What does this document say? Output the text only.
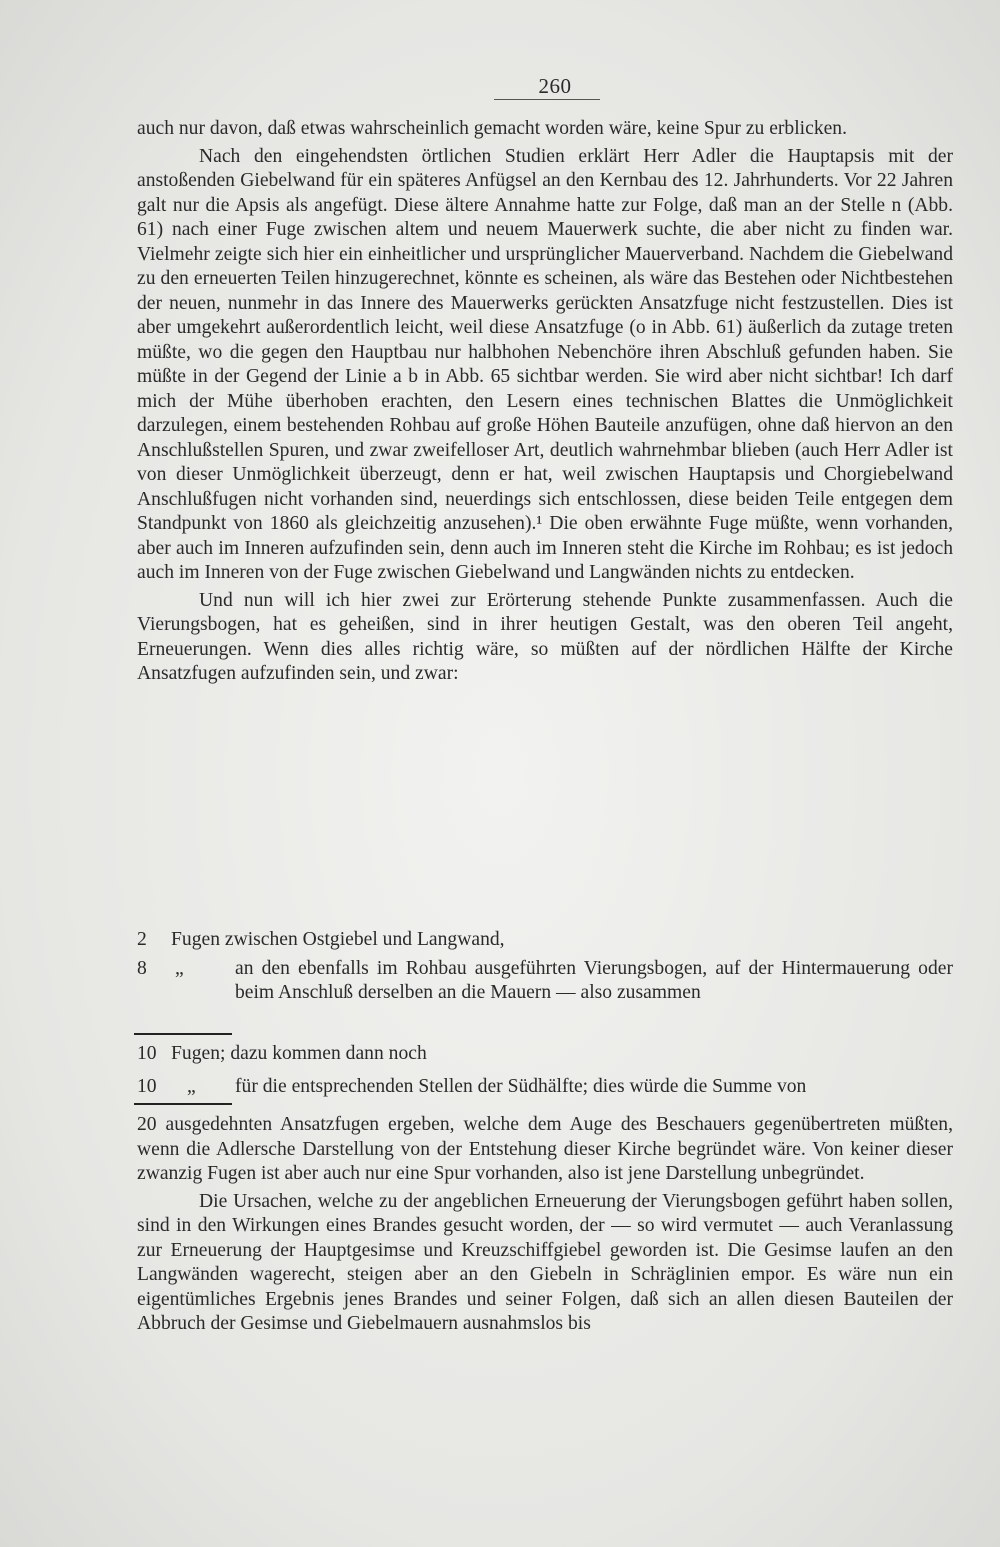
260

auch nur davon, daß etwas wahrscheinlich gemacht worden wäre, keine Spur zu erblicken.

Nach den eingehendsten örtlichen Studien erklärt Herr Adler die Hauptapsis mit der anstoßenden Giebelwand für ein späteres Anfügsel an den Kernbau des 12. Jahrhunderts. Vor 22 Jahren galt nur die Apsis als angefügt. Diese ältere Annahme hatte zur Folge, daß man an der Stelle n (Abb. 61) nach einer Fuge zwischen altem und neuem Mauerwerk suchte, die aber nicht zu finden war. Vielmehr zeigte sich hier ein einheitlicher und ursprünglicher Mauerverband. Nachdem die Giebelwand zu den erneuerten Teilen hinzugerechnet, könnte es scheinen, als wäre das Bestehen oder Nichtbestehen der neuen, nunmehr in das Innere des Mauerwerks gerückten Ansatzfuge nicht festzustellen. Dies ist aber umgekehrt außerordentlich leicht, weil diese Ansatzfuge (o in Abb. 61) äußerlich da zutage treten müßte, wo die gegen den Hauptbau nur halbhohen Nebenchöre ihren Abschluß gefunden haben. Sie müßte in der Gegend der Linie a b in Abb. 65 sichtbar werden. Sie wird aber nicht sichtbar! Ich darf mich der Mühe überhoben erachten, den Lesern eines technischen Blattes die Unmöglichkeit darzulegen, einem bestehenden Rohbau auf große Höhen Bauteile anzufügen, ohne daß hiervon an den Anschlußstellen Spuren, und zwar zweifelloser Art, deutlich wahrnehmbar blieben (auch Herr Adler ist von dieser Unmöglichkeit überzeugt, denn er hat, weil zwischen Hauptapsis und Chorgiebelwand Anschlußfugen nicht vorhanden sind, neuerdings sich entschlossen, diese beiden Teile entgegen dem Standpunkt von 1860 als gleichzeitig anzusehen).¹ Die oben erwähnte Fuge müßte, wenn vorhanden, aber auch im Inneren aufzufinden sein, denn auch im Inneren steht die Kirche im Rohbau; es ist jedoch auch im Inneren von der Fuge zwischen Giebelwand und Langwänden nichts zu entdecken.

Und nun will ich hier zwei zur Erörterung stehende Punkte zusammenfassen. Auch die Vierungsbogen, hat es geheißen, sind in ihrer heutigen Gestalt, was den oberen Teil angeht, Erneuerungen. Wenn dies alles richtig wäre, so müßten auf der nördlichen Hälfte der Kirche Ansatzfugen aufzufinden sein, und zwar:

2 Fugen zwischen Ostgiebel und Langwand,
8 „	an den ebenfalls im Rohbau ausgeführten Vierungsbogen, auf der Hintermauerung oder beim Anschluß derselben an die Mauern — also zusammen
10 Fugen; dazu kommen dann noch
10 „ für die entsprechenden Stellen der Südhälfte; dies würde die Summe von

20 ausgedehnten Ansatzfugen ergeben, welche dem Auge des Beschauers gegenübertreten müßten, wenn die Adlersche Darstellung von der Entstehung dieser Kirche begründet wäre. Von keiner dieser zwanzig Fugen ist aber auch nur eine Spur vorhanden, also ist jene Darstellung unbegründet.

Die Ursachen, welche zu der angeblichen Erneuerung der Vierungsbogen geführt haben sollen, sind in den Wirkungen eines Brandes gesucht worden, der — so wird vermutet — auch Veranlassung zur Erneuerung der Hauptgesimse und Kreuzschiffgiebel geworden ist. Die Gesimse laufen an den Langwänden wagerecht, steigen aber an den Giebeln in Schräglinien empor. Es wäre nun ein eigentümliches Ergebnis jenes Brandes und seiner Folgen, daß sich an allen diesen Bauteilen der Abbruch der Gesimse und Giebelmauern ausnahmslos bis
